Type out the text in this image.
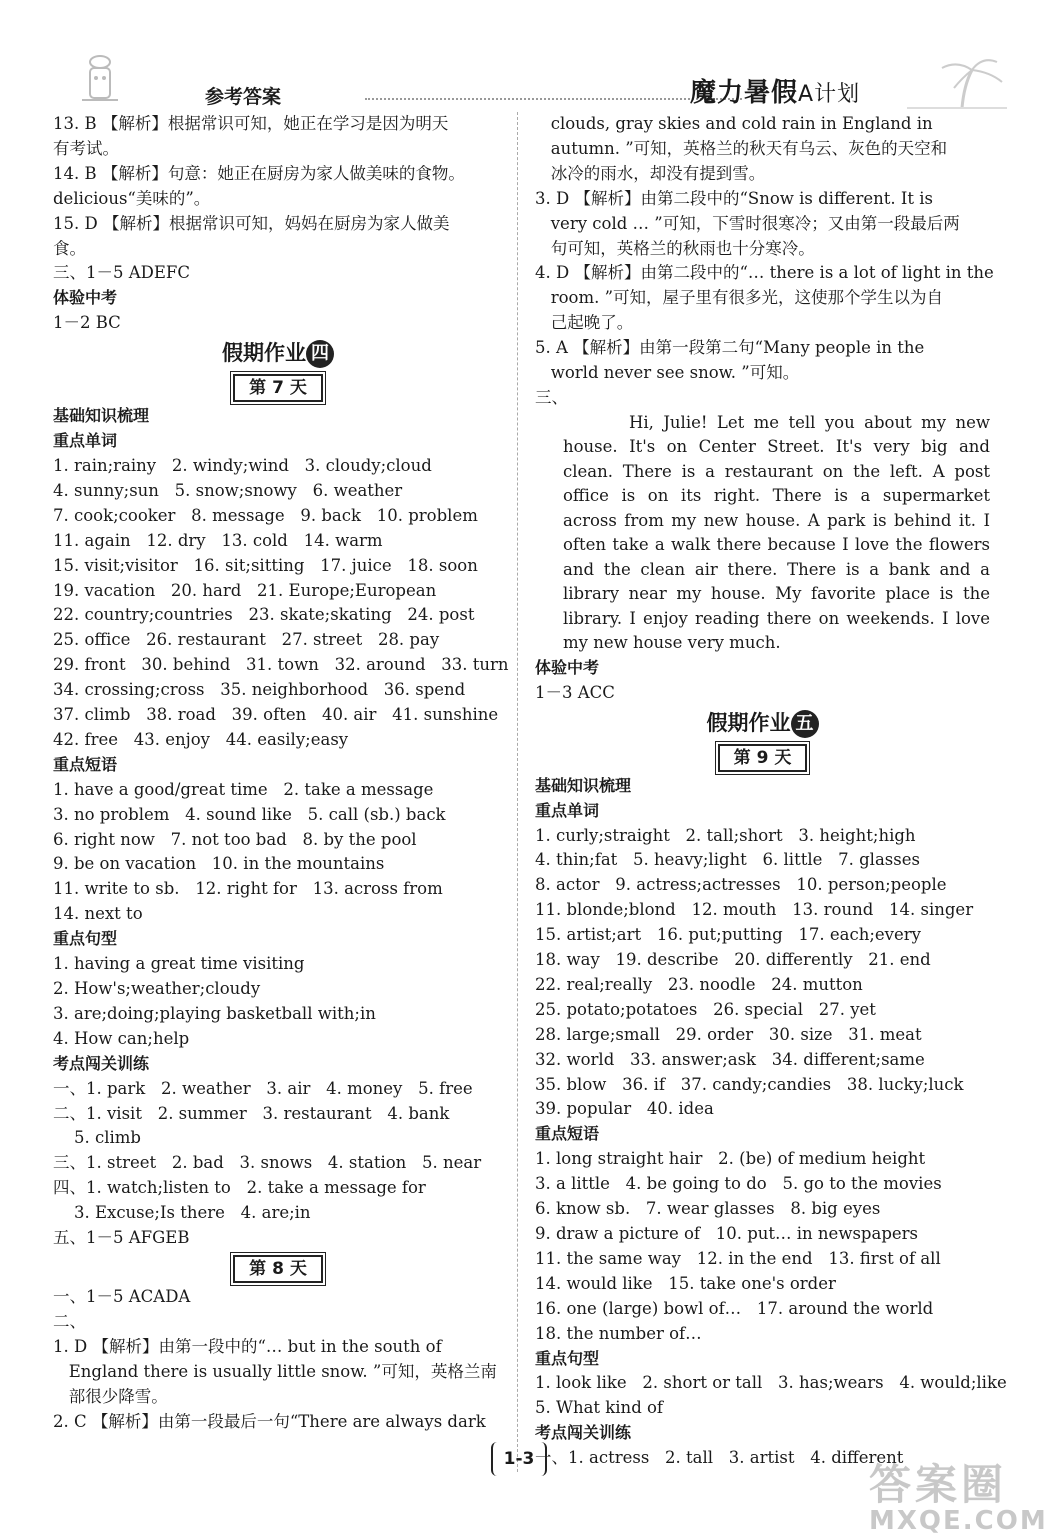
参考答案	魔力暑假A计划
13. B 【解析】根据常识可知，她正在学习是因为明天
有考试。
14. B 【解析】句意：她正在厨房为家人做美味的食物。
delicious“美味的”。
15. D 【解析】根据常识可知，妈妈在厨房为家人做美
食。
三、1－5 ADEFC
体验中考
1－2 BC
假期作业 四
第 7 天
基础知识梳理
重点单词
1. rain;rainy   2. windy;wind   3. cloudy;cloud
4. sunny;sun   5. snow;snowy   6. weather
7. cook;cooker   8. message   9. back   10. problem
11. again   12. dry   13. cold   14. warm
15. visit;visitor   16. sit;sitting   17. juice   18. soon
19. vacation   20. hard   21. Europe;European
22. country;countries   23. skate;skating   24. post
25. office   26. restaurant   27. street   28. pay
29. front   30. behind   31. town   32. around   33. turn
34. crossing;cross   35. neighborhood   36. spend
37. climb   38. road   39. often   40. air   41. sunshine
42. free   43. enjoy   44. easily;easy
重点短语
1. have a good/great time   2. take a message
3. no problem   4. sound like   5. call (sb.) back
6. right now   7. not too bad   8. by the pool
9. be on vacation   10. in the mountains
11. write to sb.   12. right for   13. across from
14. next to
重点句型
1. having a great time visiting
2. How's;weather;cloudy
3. are;doing;playing basketball with;in
4. How can;help
考点闯关训练
一、1. park   2. weather   3. air   4. money   5. free
二、1. visit   2. summer   3. restaurant   4. bank
5. climb
三、1. street   2. bad   3. snows   4. station   5. near
四、1. watch;listen to   2. take a message for
3. Excuse;Is there   4. are;in
五、1－5 AFGEB
第 8 天
一、1－5 ACADA
二、
1. D 【解析】由第一段中的“… but in the south of
England there is usually little snow. ”可知，英格兰南
部很少降雪。
2. C 【解析】由第一段最后一句“There are always dark
clouds, gray skies and cold rain in England in
autumn. ”可知，英格兰的秋天有乌云、灰色的天空和
冰冷的雨水，却没有提到雪。
3. D 【解析】由第二段中的“Snow is different. It is
very cold … ”可知，下雪时很寒冷；又由第一段最后两
句可知，英格兰的秋雨也十分寒冷。
4. D 【解析】由第二段中的“… there is a lot of light in the
room. ”可知，屋子里有很多光，这使那个学生以为自
己起晚了。
5. A 【解析】由第一段第二句“Many people in the
world never see snow. ”可知。
三、
Hi, Julie! Let me tell you about my new house. It's on Center Street. It's very big and clean. There is a restaurant on the left. A post office is on its right. There is a supermarket across from my new house. A park is behind it. I often take a walk there because I love the flowers and the clean air there. There is a bank and a library near my house. My favorite place is the library. I enjoy reading there on weekends. I love my new house very much.
体验中考
1－3 ACC
假期作业 五
第 9 天
基础知识梳理
重点单词
1. curly;straight   2. tall;short   3. height;high
4. thin;fat   5. heavy;light   6. little   7. glasses
8. actor   9. actress;actresses   10. person;people
11. blonde;blond   12. mouth   13. round   14. singer
15. artist;art   16. put;putting   17. each;every
18. way   19. describe   20. differently   21. end
22. real;really   23. noodle   24. mutton
25. potato;potatoes   26. special   27. yet
28. large;small   29. order   30. size   31. meat
32. world   33. answer;ask   34. different;same
35. blow   36. if   37. candy;candies   38. lucky;luck
39. popular   40. idea
重点短语
1. long straight hair   2. (be) of medium height
3. a little   4. be going to do   5. go to the movies
6. know sb.   7. wear glasses   8. big eyes
9. draw a picture of   10. put… in newspapers
11. the same way   12. in the end   13. first of all
14. would like   15. take one's order
16. one (large) bowl of…   17. around the world
18. the number of…
重点句型
1. look like   2. short or tall   3. has;wears   4. would;like
5. What kind of
考点闯关训练
一、1. actress   2. tall   3. artist   4. different
1-3
答案圈
MXQE.COM
